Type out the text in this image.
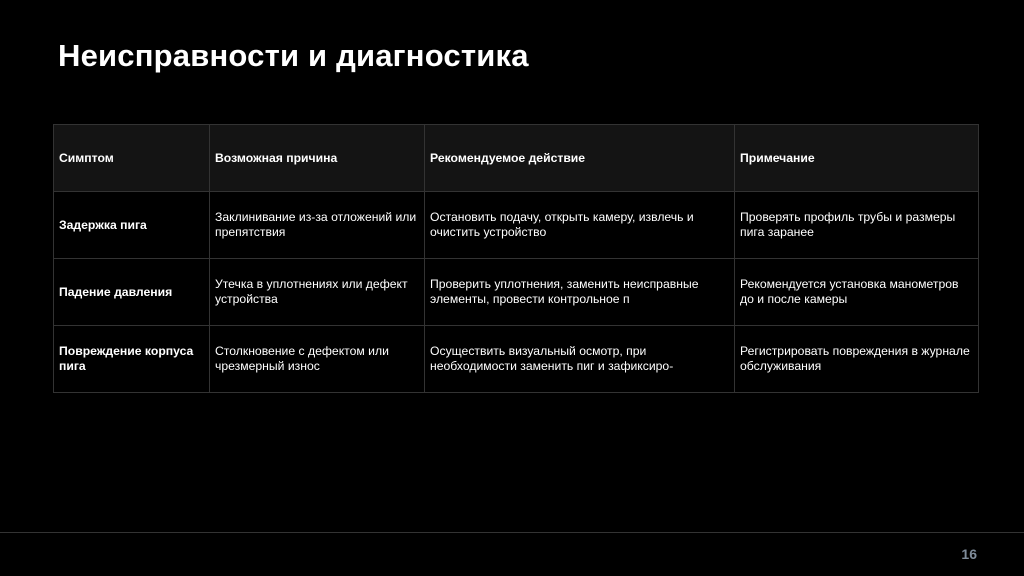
Неисправности и диагностика
Симптом	Возможная причина	Рекомендуемое действие	Примечание
Задержка пига	Заклинивание из-за отложений или препятствия	Остановить подачу, открыть камеру, извлечь и очистить устройство	Проверять профиль трубы и размеры пига заранее
Падение давления	Утечка в уплотнениях или дефект устройства	Проверить уплотнения, заменить неисправные элементы, провести контрольное п	Рекомендуется установка манометров до и после камеры
Повреждение корпуса пига	Столкновение с дефектом или чрезмерный износ	Осуществить визуальный осмотр, при необходимости заменить пиг и зафиксиро-	Регистрировать повреждения в журнале обслуживания
16
